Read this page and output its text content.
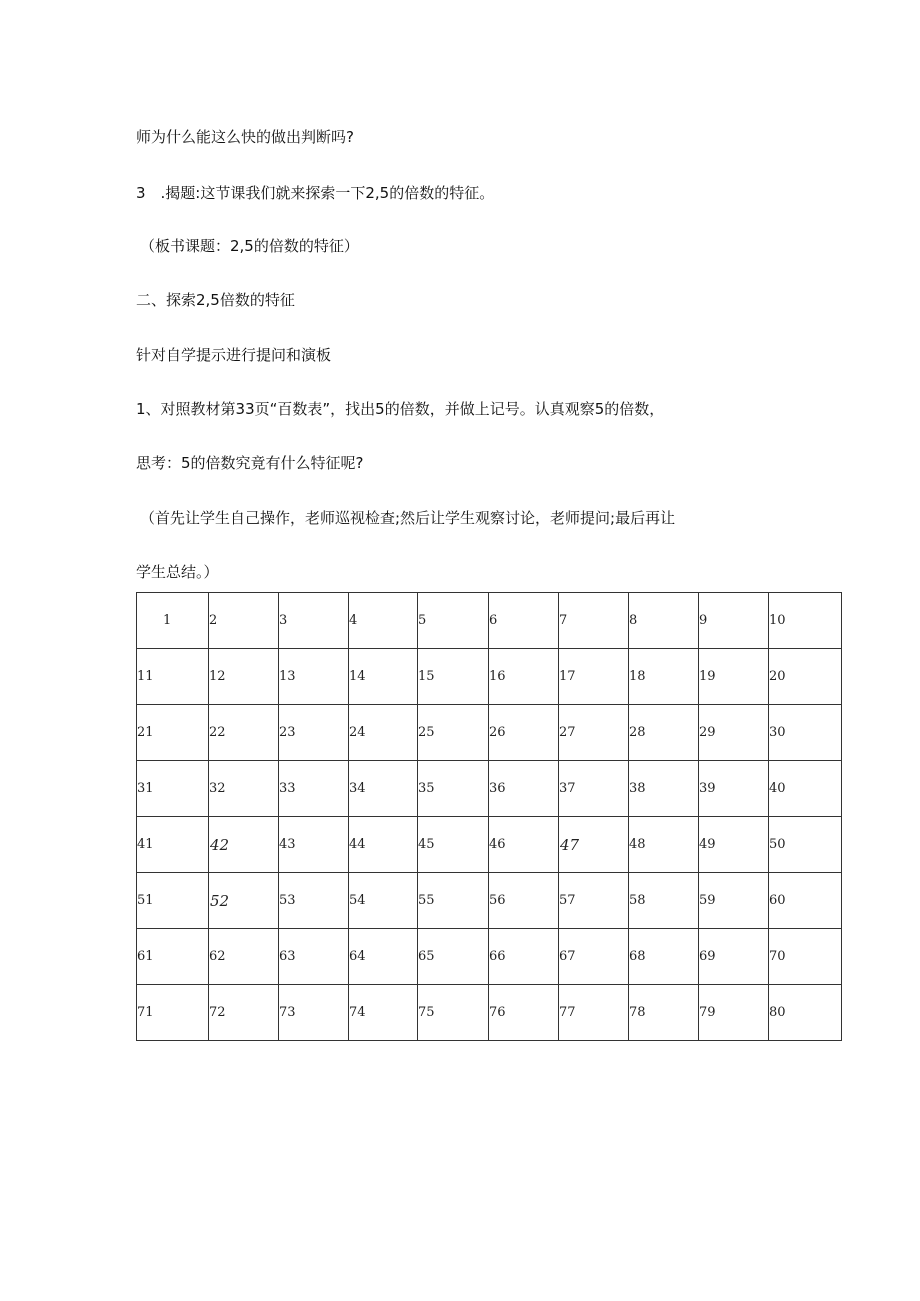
师为什么能这么快的做出判断吗?

3　.揭题:这节课我们就来探索一下2,5的倍数的特征。

（板书课题：2,5的倍数的特征）

二、探索2,5倍数的特征

针对自学提示进行提问和演板

1、对照教材第33页“百数表”，找出5的倍数，并做上记号。认真观察5的倍数，

思考：5的倍数究竟有什么特征呢?

（首先让学生自己操作，老师巡视检查;然后让学生观察讨论，老师提问;最后再让

学生总结。）

1	2	3	4	5	6	7	8	9	10
11	12	13	14	15	16	17	18	19	20
21	22	23	24	25	26	27	28	29	30
31	32	33	34	35	36	37	38	39	40
41	42	43	44	45	46	47	48	49	50
51	52	53	54	55	56	57	58	59	60
61	62	63	64	65	66	67	68	69	70
71	72	73	74	75	76	77	78	79	80
